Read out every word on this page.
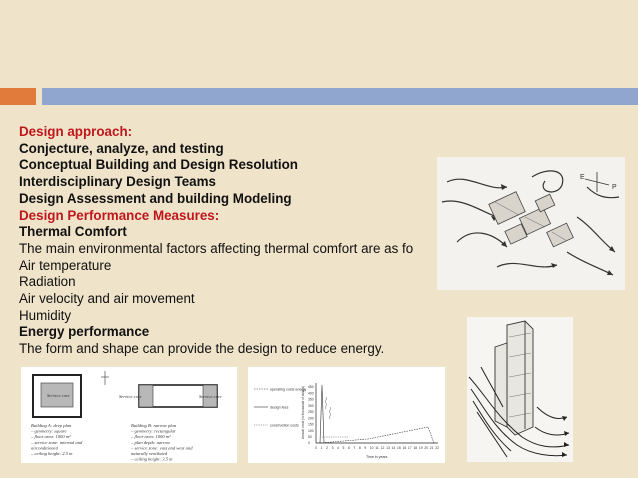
Design approach:
Conjecture, analyze, and testing
Conceptual Building and Design Resolution
Interdisciplinary Design Teams
Design Assessment and building Modeling
Design Performance Measures:
Thermal Comfort
The main environmental factors affecting thermal comfort are as fo
Air temperature
Radiation
Air velocity and air movement
Humidity
Energy performance
The form and shape can provide the design to reduce energy.
E
P
Service core	Service core	Service core
Building A: deep plan
– geometry: square
– floor area: 1000 m²
– service zone: internal and
airconditioned
– ceiling height: 2.5 m
Building B: narrow plan
– geometry: rectangular
– floor area: 1000 m²
– plan depth: narrow
– service zone: east and west and
naturally ventilated
– ceiling height: 3.5 m
operating costs energy
design fees
construction costs Annual costs (in thousands of dollars) 450
400
350
300
250
200
150
100
50
0
0 1 2 3 4 5 6 7 8 9 10 11 12 13 14 15 16 17 18 19 20 21 22
Time in years
